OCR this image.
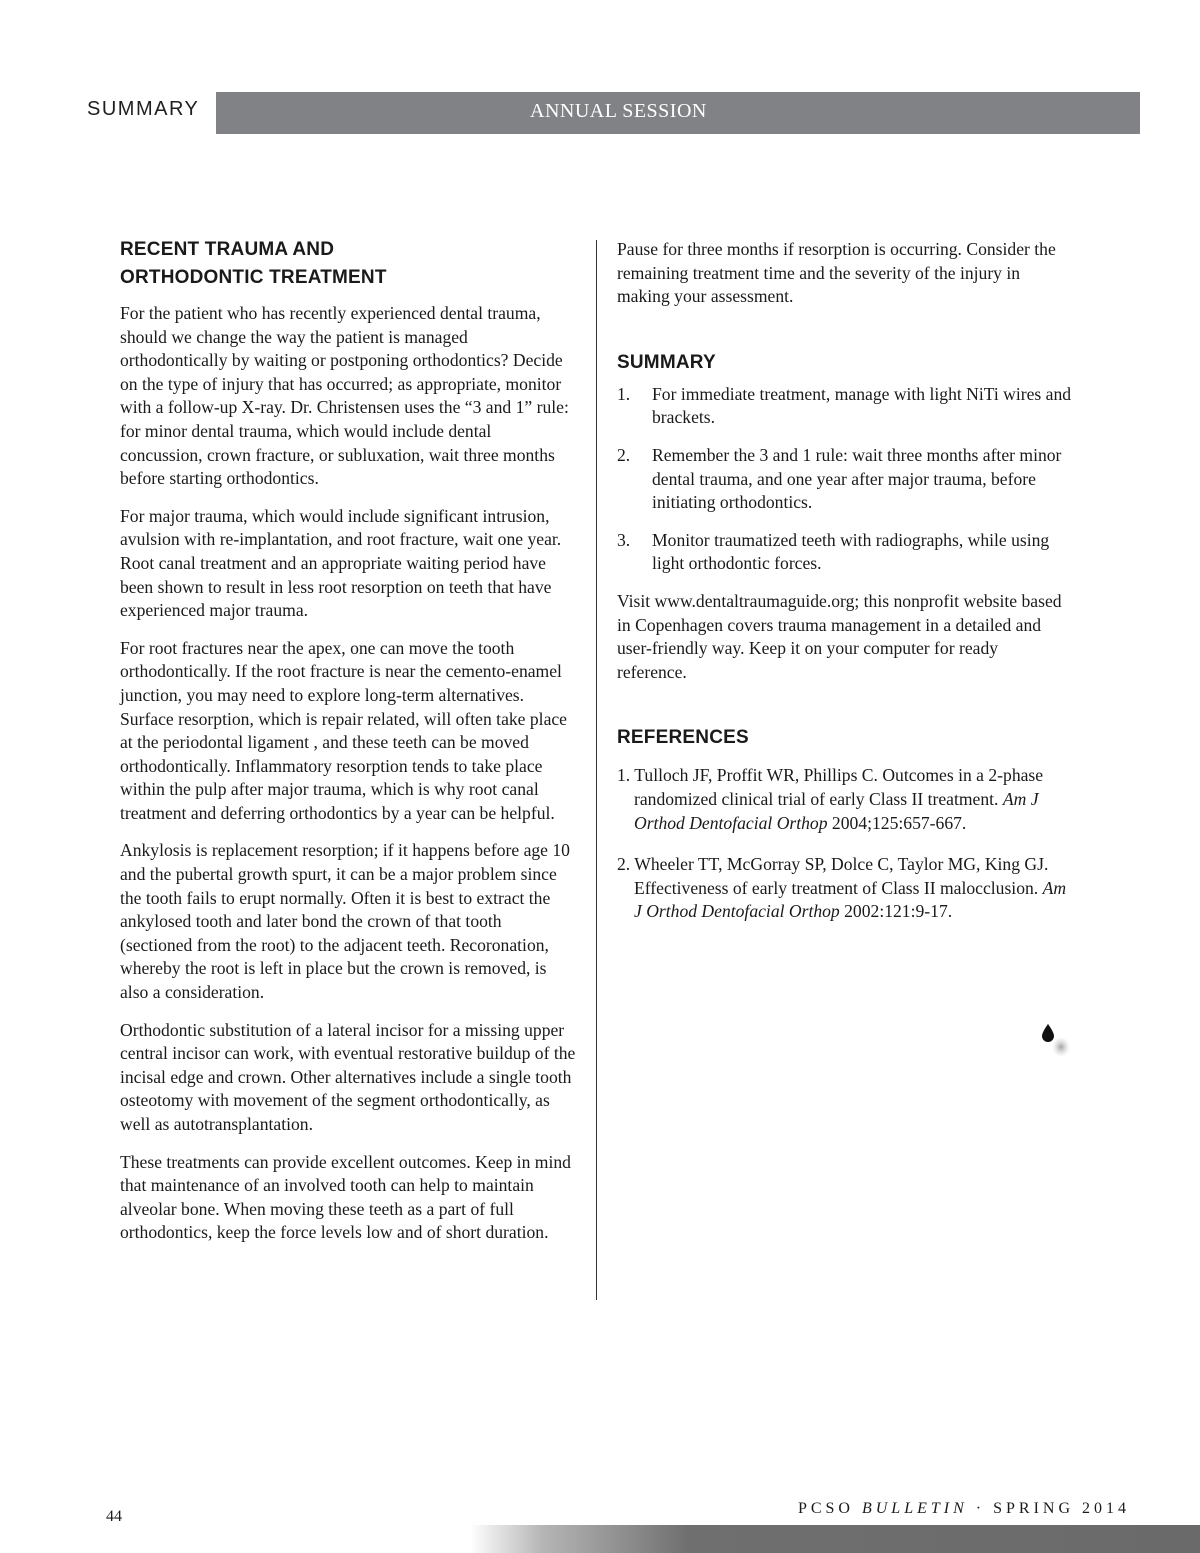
SUMMARY	ANNUAL SESSION
RECENT TRAUMA AND
ORTHODONTIC TREATMENT

For the patient who has recently experienced dental trauma, should we change the way the patient is managed orthodontically by waiting or postponing orthodontics? Decide on the type of injury that has occurred; as appropriate, monitor with a follow-up X-ray. Dr. Christensen uses the “3 and 1” rule: for minor dental trauma, which would include dental concussion, crown fracture, or subluxation, wait three months before starting orthodontics.

For major trauma, which would include significant intrusion, avulsion with re-implantation, and root fracture, wait one year. Root canal treatment and an appropriate waiting period have been shown to result in less root resorption on teeth that have experienced major trauma.

For root fractures near the apex, one can move the tooth orthodontically. If the root fracture is near the cemento-enamel junction, you may need to explore long-term alternatives. Surface resorption, which is repair related, will often take place at the periodontal ligament , and these teeth can be moved orthodontically. Inflammatory resorption tends to take place within the pulp after major trauma, which is why root canal treatment and deferring orthodontics by a year can be helpful.

Ankylosis is replacement resorption; if it happens before age 10 and the pubertal growth spurt, it can be a major problem since the tooth fails to erupt normally. Often it is best to extract the ankylosed tooth and later bond the crown of that tooth (sectioned from the root) to the adjacent teeth. Recoronation, whereby the root is left in place but the crown is removed, is also a consideration.

Orthodontic substitution of a lateral incisor for a missing upper central incisor can work, with eventual restorative buildup of the incisal edge and crown. Other alternatives include a single tooth osteotomy with movement of the segment orthodontically, as well as autotransplantation.

These treatments can provide excellent outcomes. Keep in mind that maintenance of an involved tooth can help to maintain alveolar bone. When moving these teeth as a part of full orthodontics, keep the force levels low and of short duration.

Pause for three months if resorption is occurring. Consider the remaining treatment time and the severity of the injury in making your assessment.

SUMMARY
1. For immediate treatment, manage with light NiTi wires and brackets.
2. Remember the 3 and 1 rule: wait three months after minor dental trauma, and one year after major trauma, before initiating orthodontics.
3. Monitor traumatized teeth with radiographs, while using light orthodontic forces.

Visit www.dentaltraumaguide.org; this nonprofit website based in Copenhagen covers trauma management in a detailed and user-friendly way. Keep it on your computer for ready reference.

REFERENCES
1. Tulloch JF, Proffit WR, Phillips C. Outcomes in a 2-phase randomized clinical trial of early Class II treatment. Am J Orthod Dentofacial Orthop 2004;125:657-667.
2. Wheeler TT, McGorray SP, Dolce C, Taylor MG, King GJ. Effectiveness of early treatment of Class II malocclusion. Am J Orthod Dentofacial Orthop 2002:121:9-17.
44	PCSO BULLETIN · SPRING 2014
